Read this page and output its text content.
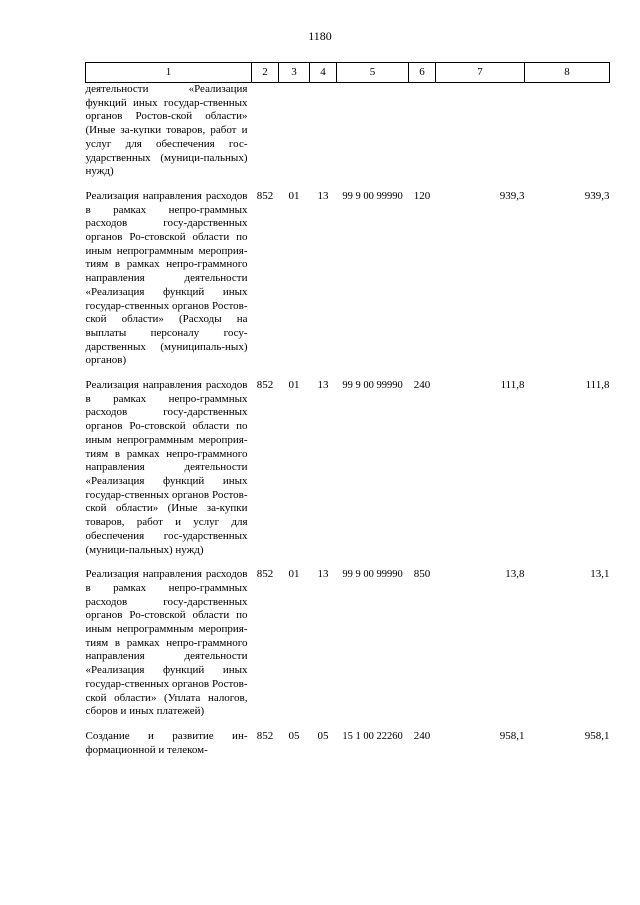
1180
1	2	3	4	5	6	7	8

деятельности «Реализация функций иных государ-ственных органов Ростов-ской области» (Иные за-купки товаров, работ и услуг для обеспечения гос-ударственных (муници-пальных) нужд)							

Реализация направления расходов в рамках непро-граммных расходов госу-дарственных органов Ро-стовской области по иным непрограммным мероприя-тиям в рамках непро-граммного направления деятельности «Реализация функций иных государ-ственных органов Ростов-ской области» (Расходы на выплаты персоналу госу-дарственных (муниципаль-ных) органов)	852	01	13	99 9 00 99990	120	939,3	939,3

Реализация направления расходов в рамках непро-граммных расходов госу-дарственных органов Ро-стовской области по иным непрограммным мероприя-тиям в рамках непро-граммного направления деятельности «Реализация функций иных государ-ственных органов Ростов-ской области» (Иные за-купки товаров, работ и услуг для обеспечения гос-ударственных (муници-пальных) нужд)	852	01	13	99 9 00 99990	240	111,8	111,8

Реализация направления расходов в рамках непро-граммных расходов госу-дарственных органов Ро-стовской области по иным непрограммным мероприя-тиям в рамках непро-граммного направления деятельности «Реализация функций иных государ-ственных органов Ростов-ской области» (Уплата налогов, сборов и иных платежей)	852	01	13	99 9 00 99990	850	13,8	13,1

Создание и развитие ин-формационной и телеком-	852	05	05	15 1 00 22260	240	958,1	958,1
